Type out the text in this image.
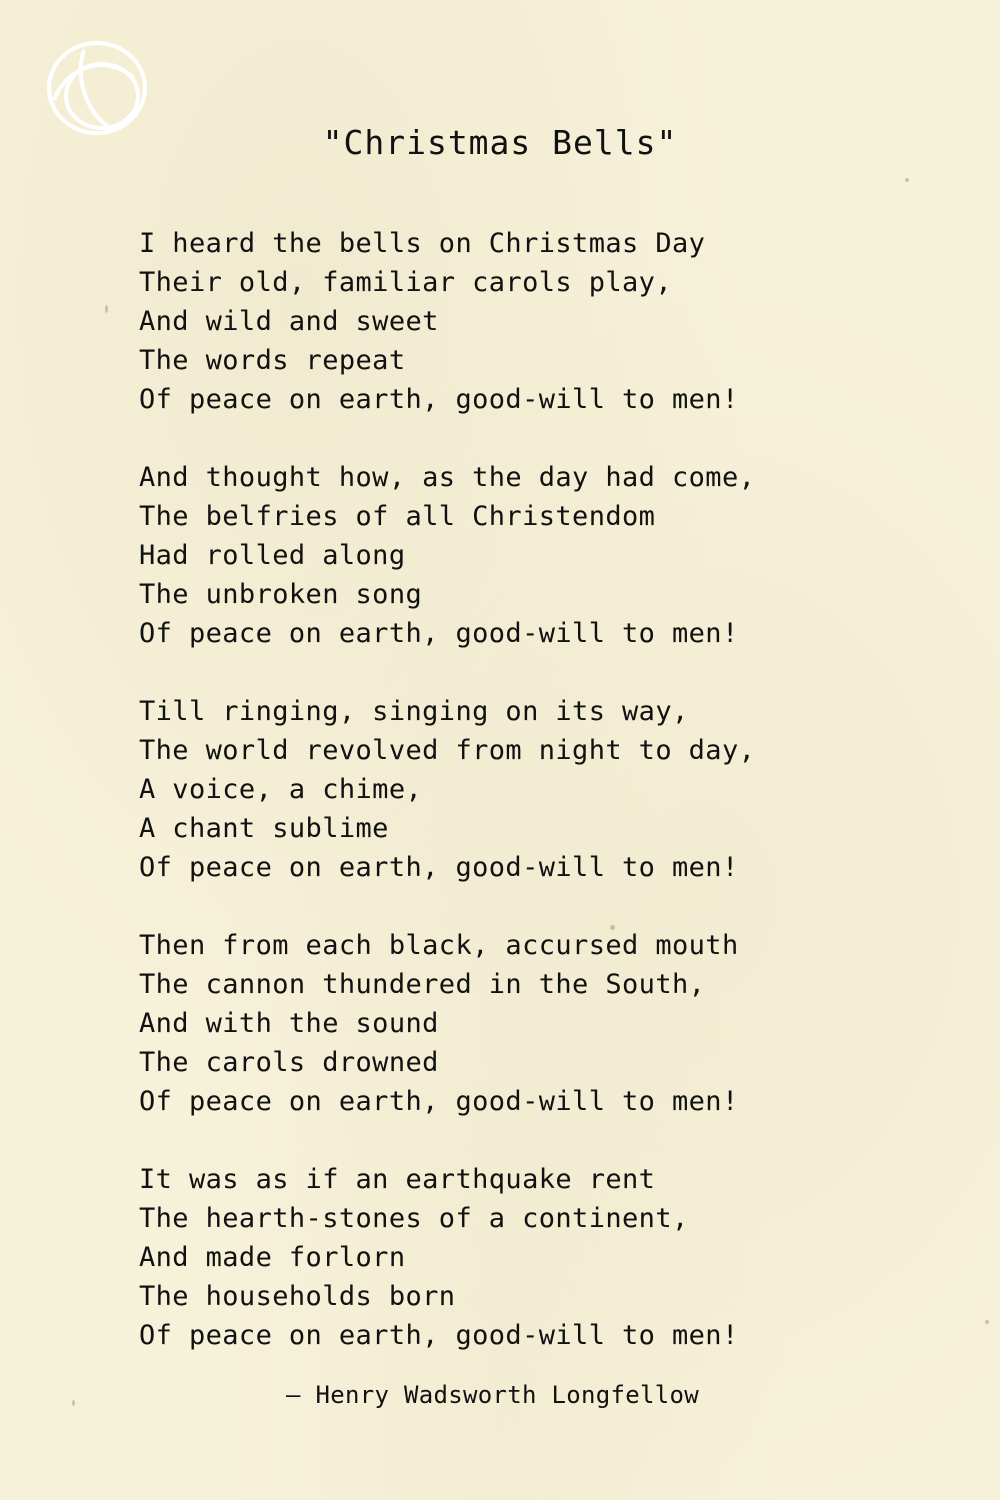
"Christmas Bells"
I heard the bells on Christmas Day
Their old, familiar carols play,
And wild and sweet
The words repeat
Of peace on earth, good-will to men!
And thought how, as the day had come,
The belfries of all Christendom
Had rolled along
The unbroken song
Of peace on earth, good-will to men!
Till ringing, singing on its way,
The world revolved from night to day,
A voice, a chime,
A chant sublime
Of peace on earth, good-will to men!
Then from each black, accursed mouth
The cannon thundered in the South,
And with the sound
The carols drowned
Of peace on earth, good-will to men!
It was as if an earthquake rent
The hearth-stones of a continent,
And made forlorn
The households born
Of peace on earth, good-will to men!
— Henry Wadsworth Longfellow
